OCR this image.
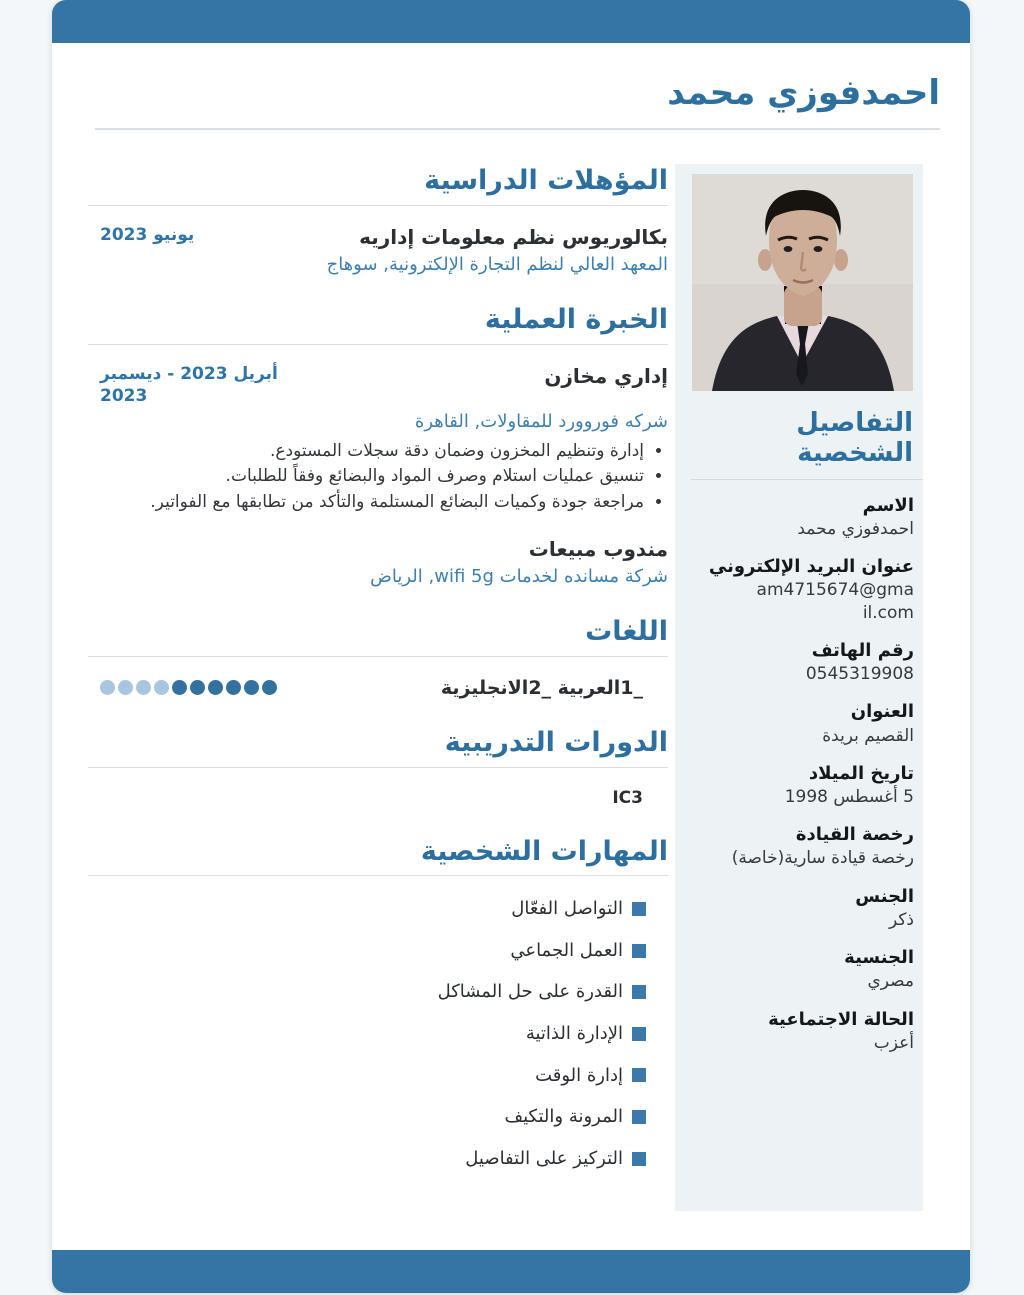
احمدفوزي محمد
التفاصيل الشخصية
الاسم
احمدفوزي محمد
عنوان البريد الإلكتروني
am4715674@gmail.com
رقم الهاتف
0545319908
العنوان
القصيم بريدة
تاريخ الميلاد
5 أغسطس 1998
رخصة القيادة
رخصة قيادة سارية(خاصة)
الجنس
ذكر
الجنسية
مصري
الحالة الاجتماعية
أعزب
المؤهلات الدراسية
بكالوريوس نظم معلومات إداريه
المعهد العالي لنظم التجارة الإلكترونية, سوهاج
يونيو 2023
الخبرة العملية
إداري مخازن
أبريل 2023 - ديسمبر 2023
شركه فوروورد للمقاولات, القاهرة
• إدارة وتنظيم المخزون وضمان دقة سجلات المستودع.
• تنسيق عمليات استلام وصرف المواد والبضائع وفقاً للطلبات.
• مراجعة جودة وكميات البضائع المستلمة والتأكد من تطابقها مع الفواتير.
مندوب مبيعات
شركة مسانده لخدمات wifi 5g, الرياض
اللغات
_1العربية _2الانجليزية
الدورات التدريبية
IC3
المهارات الشخصية
التواصل الفعّال
العمل الجماعي
القدرة على حل المشاكل
الإدارة الذاتية
إدارة الوقت
المرونة والتكيف
التركيز على التفاصيل
